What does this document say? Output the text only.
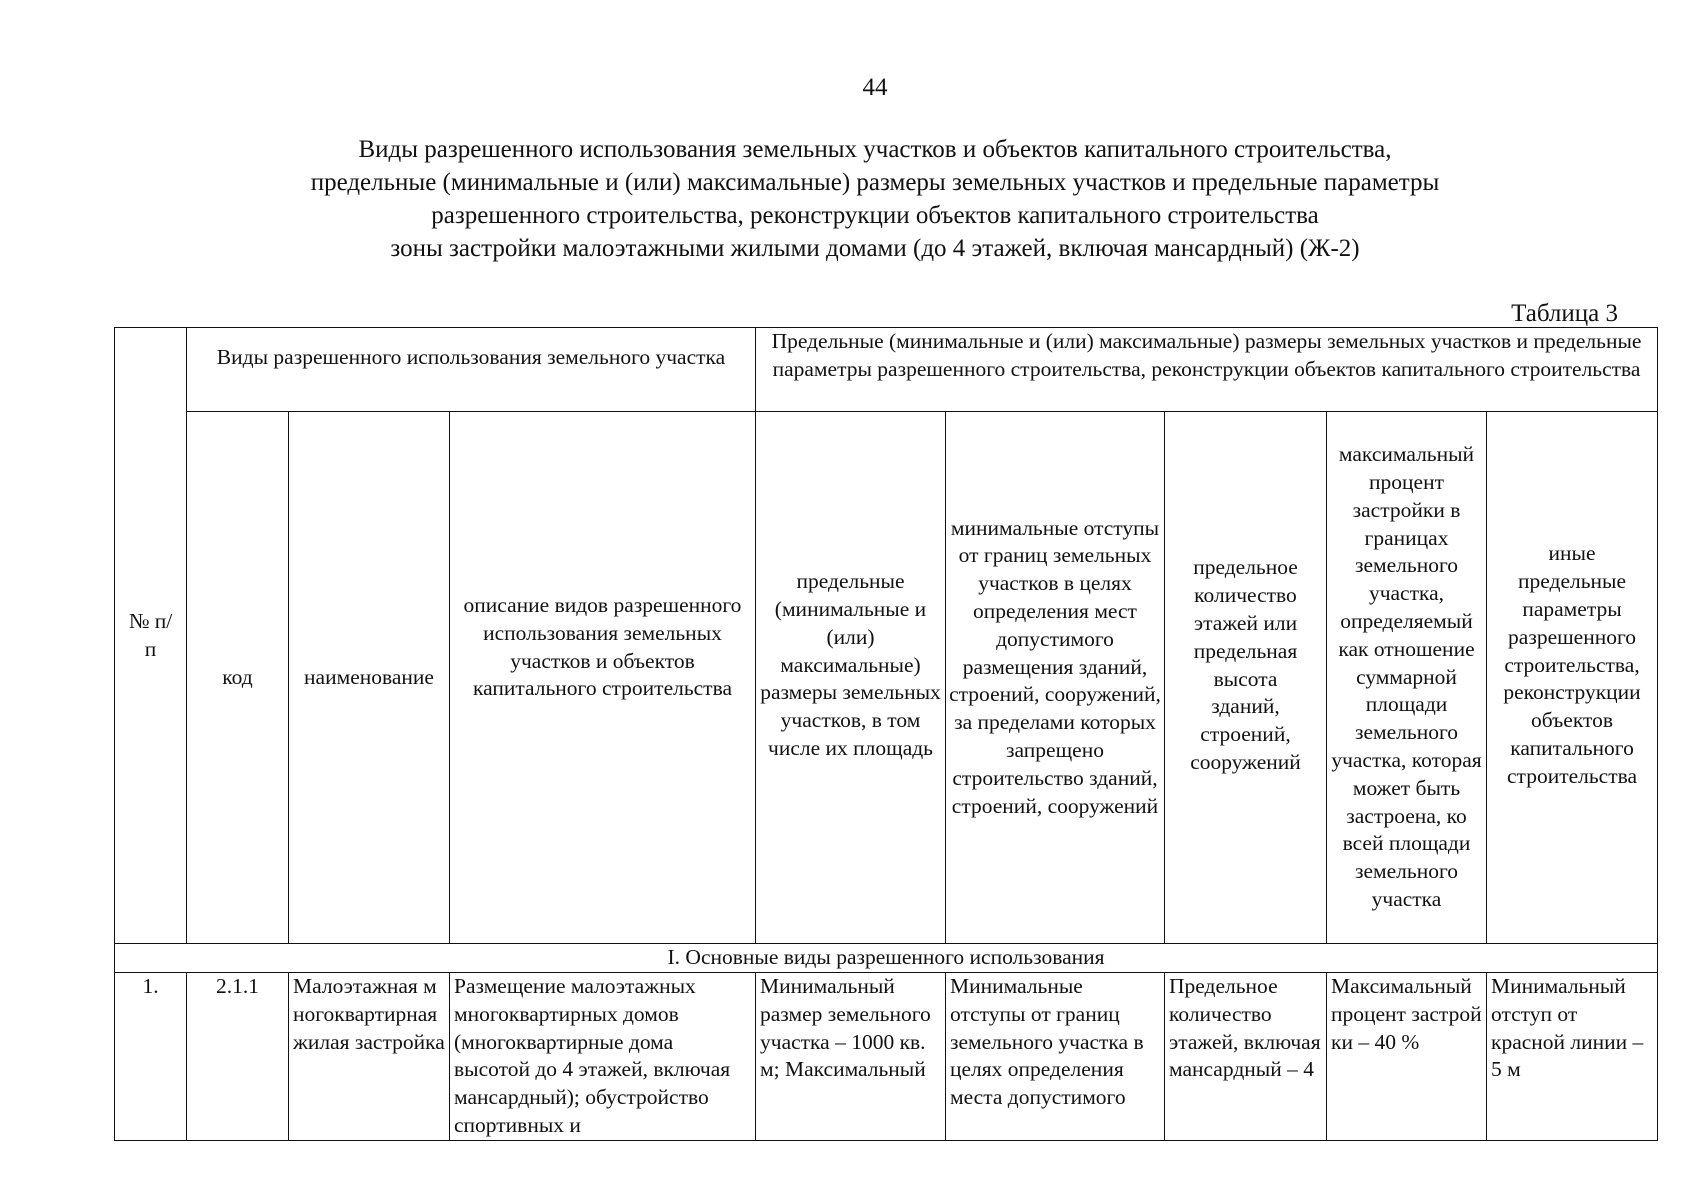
44
Виды разрешенного использования земельных участков и объектов капитального строительства,
предельные (минимальные и (или) максимальные) размеры земельных участков и предельные параметры
разрешенного строительства, реконструкции объектов капитального строительства
зоны застройки малоэтажными жилыми домами (до 4 этажей, включая мансардный) (Ж-2)
Таблица 3
№ п/п	Виды разрешенного использования земельного участка			Предельные (минимальные и (или) максимальные) размеры земельных участков и предельные параметры разрешенного строительства, реконструкции объектов капитального строительства				
	код	наименование	описание видов разрешенного использования земельных участков и объектов капитального строительства	предельные (минимальные и (или) максимальные) размеры земельных участков, в том числе их площадь	минимальные отступы от границ земельных участков в целях определения мест допустимого размещения зданий, строений, сооружений, за пределами которых запрещено строительство зданий, строений, сооружений	предельное количество этажей или предельная высота зданий, строений, сооружений	максимальный процент застройки в границах земельного участка, определяемый как отношение суммарной площади земельного участка, которая может быть застроена, ко всей площади земельного участка	иные предельные параметры разрешенного строительства, реконструкции объектов капитального строительства
I. Основные виды разрешенного использования								
1.	2.1.1	Малоэтажная многоквартирная жилая застройка	Размещение малоэтажных многоквартирных домов (многоквартирные дома высотой до 4 этажей, включая мансардный); обустройство спортивных и	Минимальный размер земельного участка – 1000 кв. м; Максимальный	Минимальные отступы от границ земельного участка в целях определения места допустимого	Предельное количество этажей, включая мансардный – 4	Максимальный процент застройки – 40 %	Минимальный отступ от красной линии – 5 м
